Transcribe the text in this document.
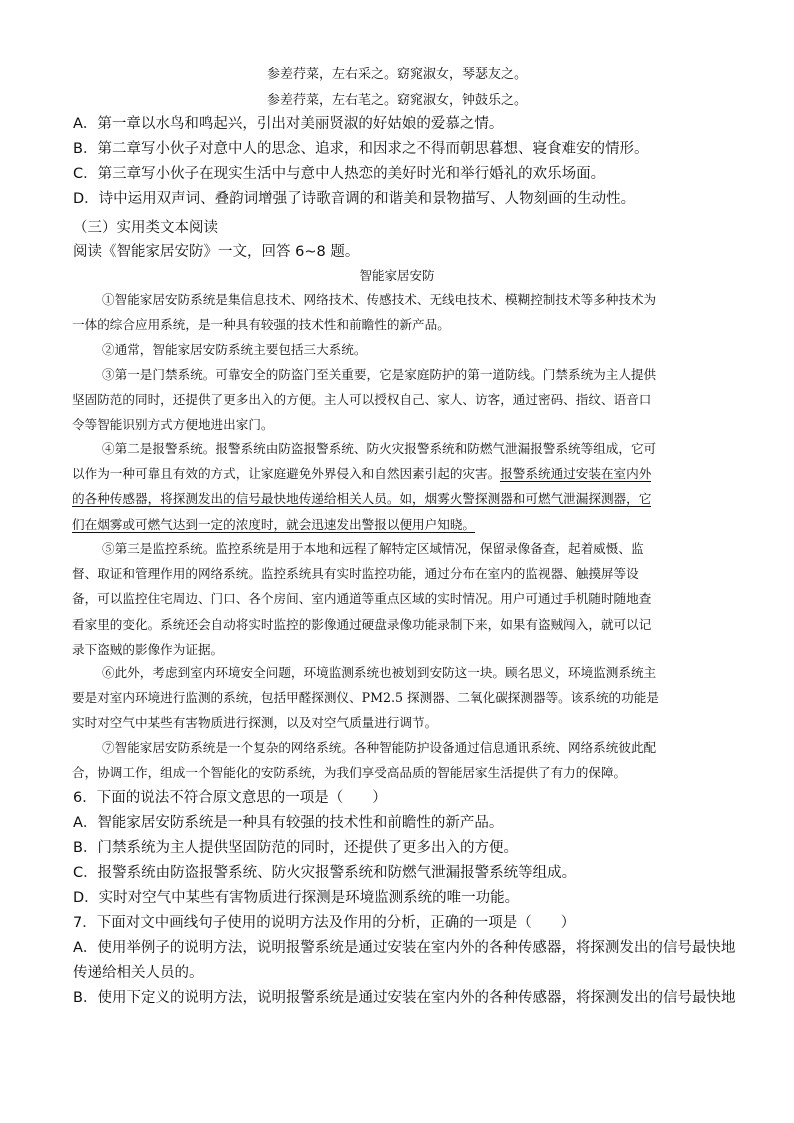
参差荇菜，左右采之。窈窕淑女，琴瑟友之。
参差荇菜，左右芼之。窈窕淑女，钟鼓乐之。
A．第一章以水鸟和鸣起兴，引出对美丽贤淑的好姑娘的爱慕之情。
B．第二章写小伙子对意中人的思念、追求，和因求之不得而朝思暮想、寝食难安的情形。
C．第三章写小伙子在现实生活中与意中人热恋的美好时光和举行婚礼的欢乐场面。
D．诗中运用双声词、叠韵词增强了诗歌音调的和谐美和景物描写、人物刻画的生动性。
（三）实用类文本阅读
阅读《智能家居安防》一文，回答 6~8 题。
智能家居安防
①智能家居安防系统是集信息技术、网络技术、传感技术、无线电技术、模糊控制技术等多种技术为
一体的综合应用系统，是一种具有较强的技术性和前瞻性的新产品。
②通常，智能家居安防系统主要包括三大系统。
③第一是门禁系统。可靠安全的防盗门至关重要，它是家庭防护的第一道防线。门禁系统为主人提供
坚固防范的同时，还提供了更多出入的方便。主人可以授权自己、家人、访客，通过密码、指纹、语音口
令等智能识别方式方便地进出家门。
④第二是报警系统。报警系统由防盗报警系统、防火灾报警系统和防燃气泄漏报警系统等组成，它可
以作为一种可靠且有效的方式，让家庭避免外界侵入和自然因素引起的灾害。报警系统通过安装在室内外
的各种传感器，将探测发出的信号最快地传递给相关人员。如，烟雾火警探测器和可燃气泄漏探测器，它
们在烟雾或可燃气达到一定的浓度时，就会迅速发出警报以便用户知晓。
⑤第三是监控系统。监控系统是用于本地和远程了解特定区域情况，保留录像备查，起着威慑、监
督、取证和管理作用的网络系统。监控系统具有实时监控功能，通过分布在室内的监视器、触摸屏等设
备，可以监控住宅周边、门口、各个房间、室内通道等重点区域的实时情况。用户可通过手机随时随地查
看家里的变化。系统还会自动将实时监控的影像通过硬盘录像功能录制下来，如果有盗贼闯入，就可以记
录下盗贼的影像作为证据。
⑥此外，考虑到室内环境安全问题，环境监测系统也被划到安防这一块。顾名思义，环境监测系统主
要是对室内环境进行监测的系统，包括甲醛探测仪、PM2.5 探测器、二氧化碳探测器等。该系统的功能是
实时对空气中某些有害物质进行探测，以及对空气质量进行调节。
⑦智能家居安防系统是一个复杂的网络系统。各种智能防护设备通过信息通讯系统、网络系统彼此配
合，协调工作，组成一个智能化的安防系统，为我们享受高品质的智能居家生活提供了有力的保障。
6．下面的说法不符合原文意思的一项是（　　）
A．智能家居安防系统是一种具有较强的技术性和前瞻性的新产品。
B．门禁系统为主人提供坚固防范的同时，还提供了更多出入的方便。
C．报警系统由防盗报警系统、防火灾报警系统和防燃气泄漏报警系统等组成。
D．实时对空气中某些有害物质进行探测是环境监测系统的唯一功能。
7．下面对文中画线句子使用的说明方法及作用的分析，正确的一项是（　　）
A．使用举例子的说明方法，说明报警系统是通过安装在室内外的各种传感器，将探测发出的信号最快地
传递给相关人员的。
B．使用下定义的说明方法，说明报警系统是通过安装在室内外的各种传感器，将探测发出的信号最快地
